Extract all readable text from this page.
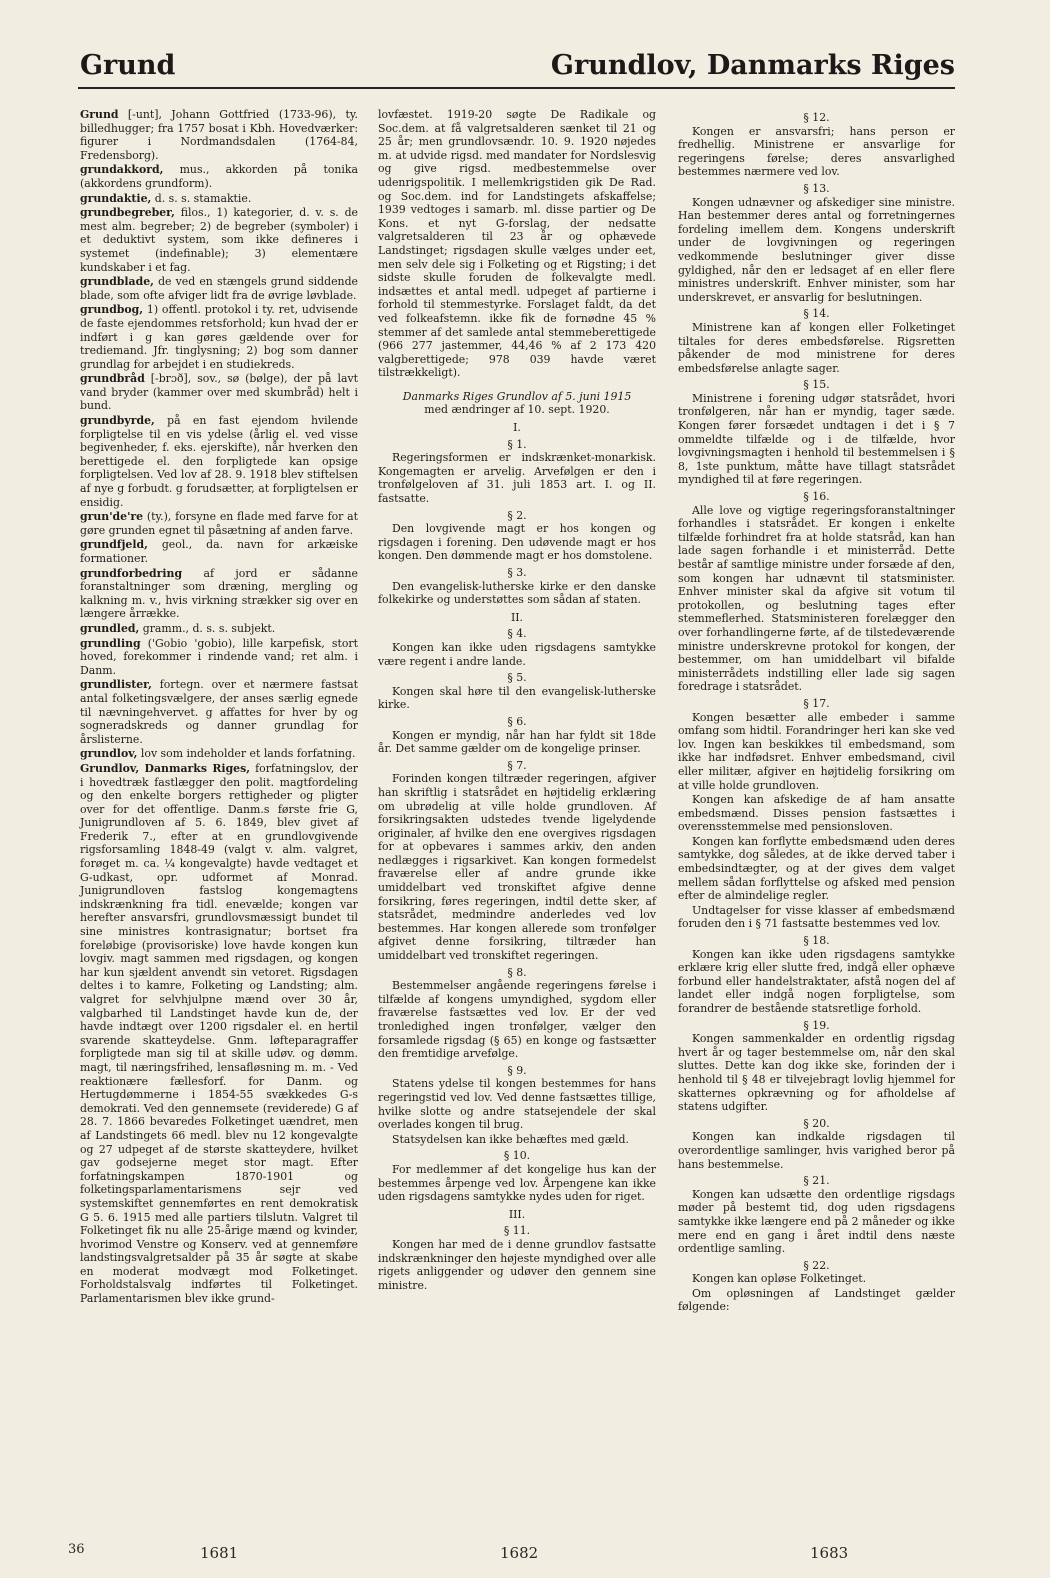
Grund	Grundlov, Danmarks Riges

Grund [-unt], Johann Gottfried (1733-96), ty. billedhugger; fra 1757 bosat i Kbh. Hovedværker: figurer i Nordmandsdalen (1764-84, Fredensborg).

grundakkord, mus., akkorden på tonika (akkordens grundform).

grundaktie, d. s. s. stamaktie.

grundbegreber, filos., 1) kategorier, d. v. s. de mest alm. begreber; 2) de begreber (symboler) i et deduktivt system, som ikke defineres i systemet (indefinable); 3) elementære kundskaber i et fag.

grundblade, de ved en stængels grund siddende blade, som ofte afviger lidt fra de øvrige løvblade.

grundbog, 1) offentl. protokol i ty. ret, udvisende de faste ejendommes retsforhold; kun hvad der er indført i g kan gøres gældende over for trediemand. Jfr. tinglysning; 2) bog som danner grundlag for arbejdet i en studiekreds.

grundbråd [-brɔð], sov., sø (bølge), der på lavt vand bryder (kammer over med skumbråd) helt i bund.

grundbyrde, på en fast ejendom hvilende forpligtelse til en vis ydelse (årlig el. ved visse begivenheder, f. eks. ejerskifte), når hverken den berettigede el. den forpligtede kan opsige forpligtelsen. Ved lov af 28. 9. 1918 blev stiftelsen af nye g forbudt. g forudsætter, at forpligtelsen er ensidig.

grun'de're (ty.), forsyne en flade med farve for at gøre grunden egnet til påsætning af anden farve.

grundfjeld, geol., da. navn for arkæiske formationer.

grundforbedring af jord er sådanne foranstaltninger som dræning, mergling og kalkning m. v., hvis virkning strækker sig over en længere årrække.

grundled, gramm., d. s. s. subjekt.

grundling ('Gobio 'gobio), lille karpefisk, stort hoved, forekommer i rindende vand; ret alm. i Danm.

grundlister, fortegn. over et nærmere fastsat antal folketingsvælgere, der anses særlig egnede til nævningehvervet. g affattes for hver by og sogneradskreds og danner grundlag for årslisterne.

grundlov, lov som indeholder et lands forfatning.

Grundlov, Danmarks Riges, forfatningslov, der i hovedtræk fastlægger den polit. magtfordeling og den enkelte borgers rettigheder og pligter over for det offentlige. Danm.s første frie G, Junigrundloven af 5. 6. 1849, blev givet af Frederik 7., efter at en grundlovgivende rigsforsamling 1848-49 (valgt v. alm. valgret, forøget m. ca. ¼ kongevalgte) havde vedtaget et G-udkast, opr. udformet af Monrad. Junigrundloven fastslog kongemagtens indskrænkning fra tidl. enevælde; kongen var herefter ansvarsfri, grundlovsmæssigt bundet til sine ministres kontrasignatur; bortset fra foreløbige (provisoriske) love havde kongen kun lovgiv. magt sammen med rigsdagen, og kongen har kun sjældent anvendt sin vetoret. Rigsdagen deltes i to kamre, Folketing og Landsting; alm. valgret for selvhjulpne mænd over 30 år, valgbarhed til Landstinget havde kun de, der havde indtægt over 1200 rigsdaler el. en hertil svarende skatteydelse. Gnm. løfteparagraffer forpligtede man sig til at skille udøv. og dømm. magt, til næringsfrihed, lensafløsning m. m. - Ved reaktionære fællesforf. for Danm. og Hertugdømmerne i 1854-55 svækkedes G-s demokrati. Ved den gennemsete (reviderede) G af 28. 7. 1866 bevaredes Folketinget uændret, men af Landstingets 66 medl. blev nu 12 kongevalgte og 27 udpeget af de største skatteydere, hvilket gav godsejerne meget stor magt. Efter forfatningskampen 1870-1901 og folketingsparlamentarismens sejr ved systemskiftet gennemførtes en rent demokratisk G 5. 6. 1915 med alle partiers tilslutn. Valgret til Folketinget fik nu alle 25-årige mænd og kvinder, hvorimod Venstre og Konserv. ved at gennemføre landstingsvalgretsalder på 35 år søgte at skabe en moderat modvægt mod Folketinget. Forholdstalsvalg indførtes til Folketinget. Parlamentarismen blev ikke grund-

lovfæstet. 1919-20 søgte De Radikale og Soc.dem. at få valgretsalderen sænket til 21 og 25 år; men grundlovsændr. 10. 9. 1920 nøjedes m. at udvide rigsd. med mandater for Nordslesvig og give rigsd. medbestemmelse over udenrigspolitik. I mellemkrigstiden gik De Rad. og Soc.dem. ind for Landstingets afskaffelse; 1939 vedtoges i samarb. ml. disse partier og De Kons. et nyt G-forslag, der nedsatte valgretsalderen til 23 år og ophævede Landstinget; rigsdagen skulle vælges under eet, men selv dele sig i Folketing og et Rigsting; i det sidste skulle foruden de folkevalgte medl. indsættes et antal medl. udpeget af partierne i forhold til stemmestyrke. Forslaget faldt, da det ved folkeafstemn. ikke fik de fornødne 45 % stemmer af det samlede antal stemmeberettigede (966 277 jastemmer, 44,46 % af 2 173 420 valgberettigede; 978 039 havde været tilstrækkeligt).

Danmarks Riges Grundlov af 5. juni 1915
med ændringer af 10. sept. 1920.

I.

§ 1.

Regeringsformen er indskrænket-monarkisk. Kongemagten er arvelig. Arvefølgen er den i tronfølgeloven af 31. juli 1853 art. I. og II. fastsatte.

§ 2.

Den lovgivende magt er hos kongen og rigsdagen i forening. Den udøvende magt er hos kongen. Den dømmende magt er hos domstolene.

§ 3.

Den evangelisk-lutherske kirke er den danske folkekirke og understøttes som sådan af staten.

II.

§ 4.

Kongen kan ikke uden rigsdagens samtykke være regent i andre lande.

§ 5.

Kongen skal høre til den evangelisk-lutherske kirke.

§ 6.

Kongen er myndig, når han har fyldt sit 18de år. Det samme gælder om de kongelige prinser.

§ 7.

Forinden kongen tiltræder regeringen, afgiver han skriftlig i statsrådet en højtidelig erklæring om ubrødelig at ville holde grundloven. Af forsikringsakten udstedes tvende ligelydende originaler, af hvilke den ene overgives rigsdagen for at opbevares i sammes arkiv, den anden nedlægges i rigsarkivet. Kan kongen formedelst fraværelse eller af andre grunde ikke umiddelbart ved tronskiftet afgive denne forsikring, føres regeringen, indtil dette sker, af statsrådet, medmindre anderledes ved lov bestemmes. Har kongen allerede som tronfølger afgivet denne forsikring, tiltræder han umiddelbart ved tronskiftet regeringen.

§ 8.

Bestemmelser angående regeringens førelse i tilfælde af kongens umyndighed, sygdom eller fraværelse fastsættes ved lov. Er der ved tronledighed ingen tronfølger, vælger den forsamlede rigsdag (§ 65) en konge og fastsætter den fremtidige arvefølge.

§ 9.

Statens ydelse til kongen bestemmes for hans regeringstid ved lov. Ved denne fastsættes tillige, hvilke slotte og andre statsejendele der skal overlades kongen til brug.

Statsydelsen kan ikke behæftes med gæld.

§ 10.

For medlemmer af det kongelige hus kan der bestemmes årpenge ved lov. Årpengene kan ikke uden rigsdagens samtykke nydes uden for riget.

III.

§ 11.

Kongen har med de i denne grundlov fastsatte indskrænkninger den højeste myndighed over alle rigets anliggender og udøver den gennem sine ministre.

§ 12.

Kongen er ansvarsfri; hans person er fredhellig. Ministrene er ansvarlige for regeringens førelse; deres ansvarlighed bestemmes nærmere ved lov.

§ 13.

Kongen udnævner og afskediger sine ministre. Han bestemmer deres antal og forretningernes fordeling imellem dem. Kongens underskrift under de lovgivningen og regeringen vedkommende beslutninger giver disse gyldighed, når den er ledsaget af en eller flere ministres underskrift. Enhver minister, som har underskrevet, er ansvarlig for beslutningen.

§ 14.

Ministrene kan af kongen eller Folketinget tiltales for deres embedsførelse. Rigsretten påkender de mod ministrene for deres embedsførelse anlagte sager.

§ 15.

Ministrene i forening udgør statsrådet, hvori tronfølgeren, når han er myndig, tager sæde. Kongen fører forsædet undtagen i det i § 7 ommeldte tilfælde og i de tilfælde, hvor lovgivningsmagten i henhold til bestemmelsen i § 8, 1ste punktum, måtte have tillagt statsrådet myndighed til at føre regeringen.

§ 16.

Alle love og vigtige regeringsforanstaltninger forhandles i statsrådet. Er kongen i enkelte tilfælde forhindret fra at holde statsråd, kan han lade sagen forhandle i et ministerråd. Dette består af samtlige ministre under forsæde af den, som kongen har udnævnt til statsminister. Enhver minister skal da afgive sit votum til protokollen, og beslutning tages efter stemmeflerhed. Statsministeren forelægger den over forhandlingerne førte, af de tilstedeværende ministre underskrevne protokol for kongen, der bestemmer, om han umiddelbart vil bifalde ministerrådets indstilling eller lade sig sagen foredrage i statsrådet.

§ 17.

Kongen besætter alle embeder i samme omfang som hidtil. Forandringer heri kan ske ved lov. Ingen kan beskikkes til embedsmand, som ikke har indfødsret. Enhver embedsmand, civil eller militær, afgiver en højtidelig forsikring om at ville holde grundloven.

Kongen kan afskedige de af ham ansatte embedsmænd. Disses pension fastsættes i overensstemmelse med pensionsloven.

Kongen kan forflytte embedsmænd uden deres samtykke, dog således, at de ikke derved taber i embedsindtægter, og at der gives dem valget mellem sådan forflyttelse og afsked med pension efter de almindelige regler.

Undtagelser for visse klasser af embedsmænd foruden den i § 71 fastsatte bestemmes ved lov.

§ 18.

Kongen kan ikke uden rigsdagens samtykke erklære krig eller slutte fred, indgå eller ophæve forbund eller handelstraktater, afstå nogen del af landet eller indgå nogen forpligtelse, som forandrer de bestående statsretlige forhold.

§ 19.

Kongen sammenkalder en ordentlig rigsdag hvert år og tager bestemmelse om, når den skal sluttes. Dette kan dog ikke ske, forinden der i henhold til § 48 er tilvejebragt lovlig hjemmel for skatternes opkrævning og for afholdelse af statens udgifter.

§ 20.

Kongen kan indkalde rigsdagen til overordentlige samlinger, hvis varighed beror på hans bestemmelse.

§ 21.

Kongen kan udsætte den ordentlige rigsdags møder på bestemt tid, dog uden rigsdagens samtykke ikke længere end på 2 måneder og ikke mere end en gang i året indtil dens næste ordentlige samling.

§ 22.

Kongen kan opløse Folketinget.

Om opløsningen af Landstinget gælder følgende:

36	1681	1682	1683
